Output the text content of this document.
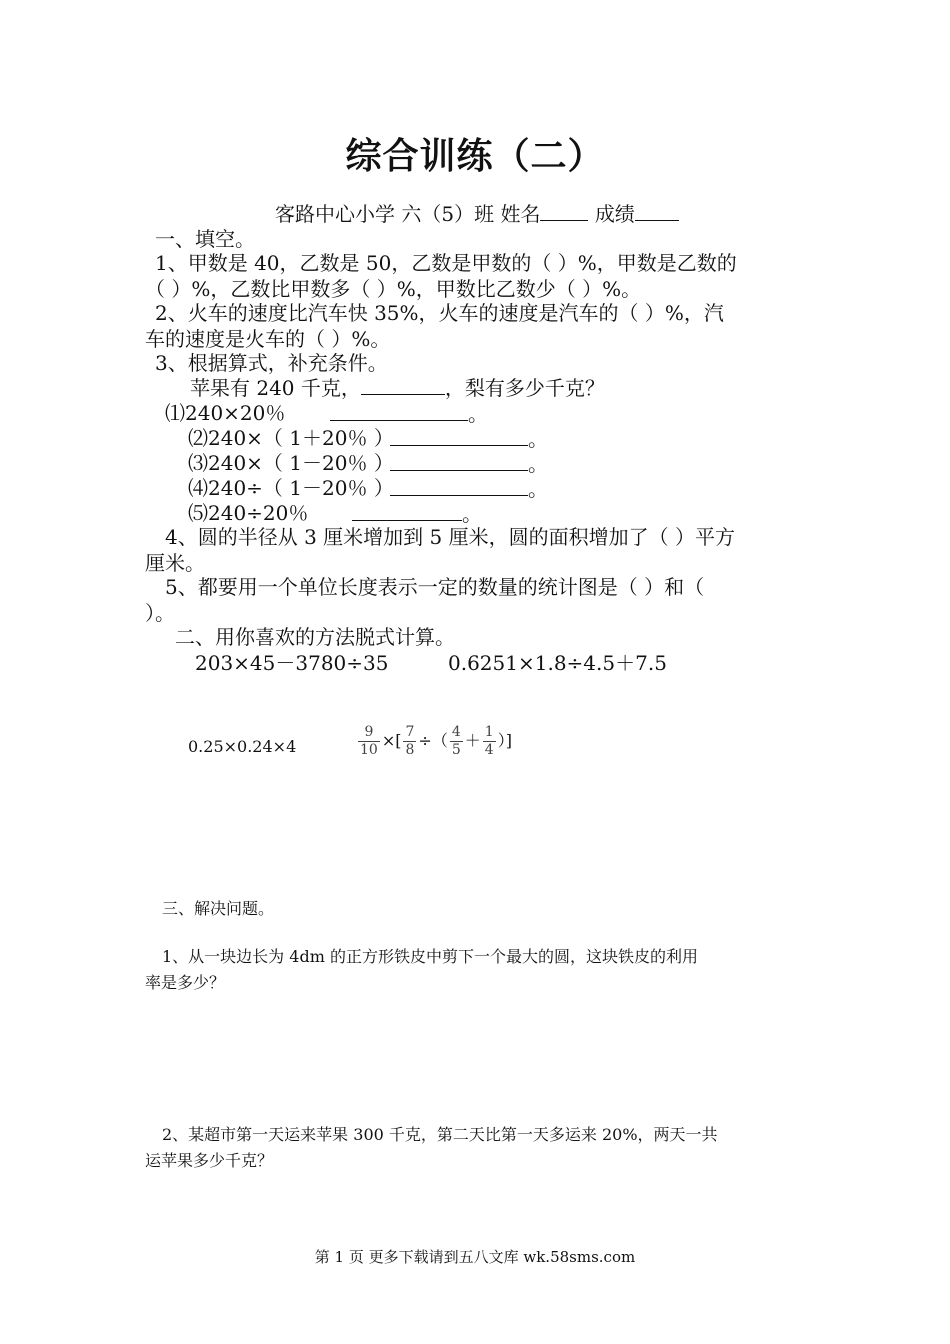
综合训练（二）
客路中心小学 六（5）班 姓名	成绩
一、填空。
1、甲数是 40，乙数是 50，乙数是甲数的（ ）%，甲数是乙数的
（ ）%，乙数比甲数多（ ）%，甲数比乙数少（ ）%。
2、火车的速度比汽车快 35%，火车的速度是汽车的（ ）%，汽
车的速度是火车的（ ）%。
3、根据算式，补充条件。
苹果有 240 千克，	，梨有多少千克？
⑴240×20％	。
⑵240×（ 1＋20％ ）	。
⑶240×（ 1－20％ ）	。
⑷240÷（ 1－20％ ）	。
⑸240÷20％	。
4、圆的半径从 3 厘米增加到 5 厘米，圆的面积增加了（ ）平方
厘米。
5、都要用一个单位长度表示一定的数量的统计图是（ ）和（
）。
二、用你喜欢的方法脱式计算。
203×45－3780÷35	0.6251×1.8÷4.5＋7.5
0.25×0.24×4	$\frac{9}{10}$ ×[ $\frac{7}{8}$ ÷（ $\frac{4}{5} + \frac{1}{4}$ ）]
三、解决问题。
1、从一块边长为 4dm 的正方形铁皮中剪下一个最大的圆，这块铁皮的利用
率是多少？
2、某超市第一天运来苹果 300 千克，第二天比第一天多运来 20%，两天一共
运苹果多少千克？
第 1 页 更多下载请到五八文库 wk.58sms.com
